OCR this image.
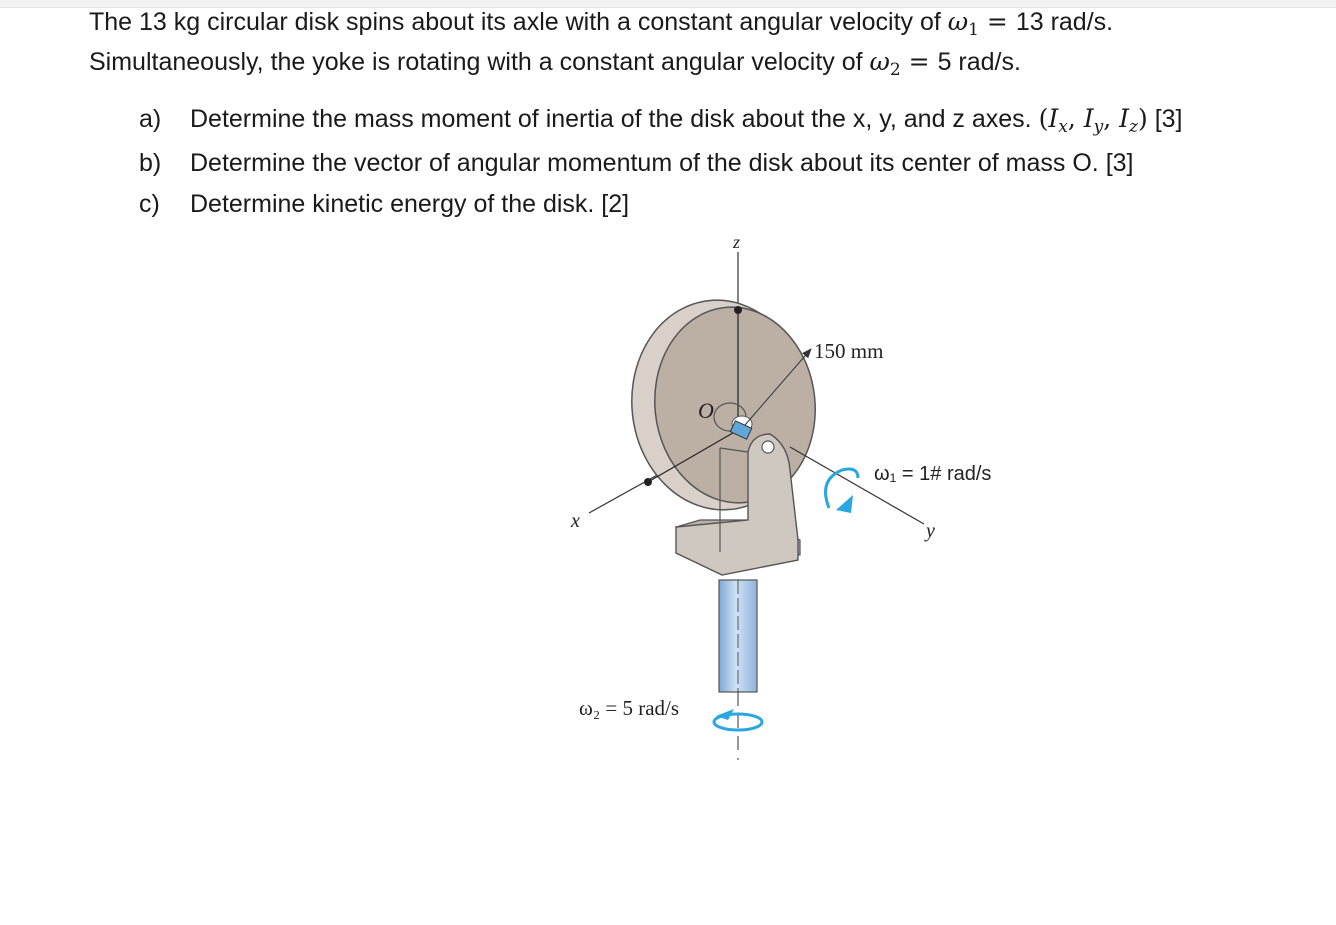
The 13 kg circular disk spins about its axle with a constant angular velocity of $\omega_1 = 13$ rad/s.
Simultaneously, the yoke is rotating with a constant angular velocity of $\omega_2 = 5$ rad/s.
a) Determine the mass moment of inertia of the disk about the x, y, and z axes. ($I_x$, $I_y$, $I_z$) [3]
b) Determine the vector of angular momentum of the disk about its center of mass O. [3]
c) Determine kinetic energy of the disk. [2]
z
x	y
O
150 mm
ω₁ = 1# rad/s
ω₂ = 5 rad/s
